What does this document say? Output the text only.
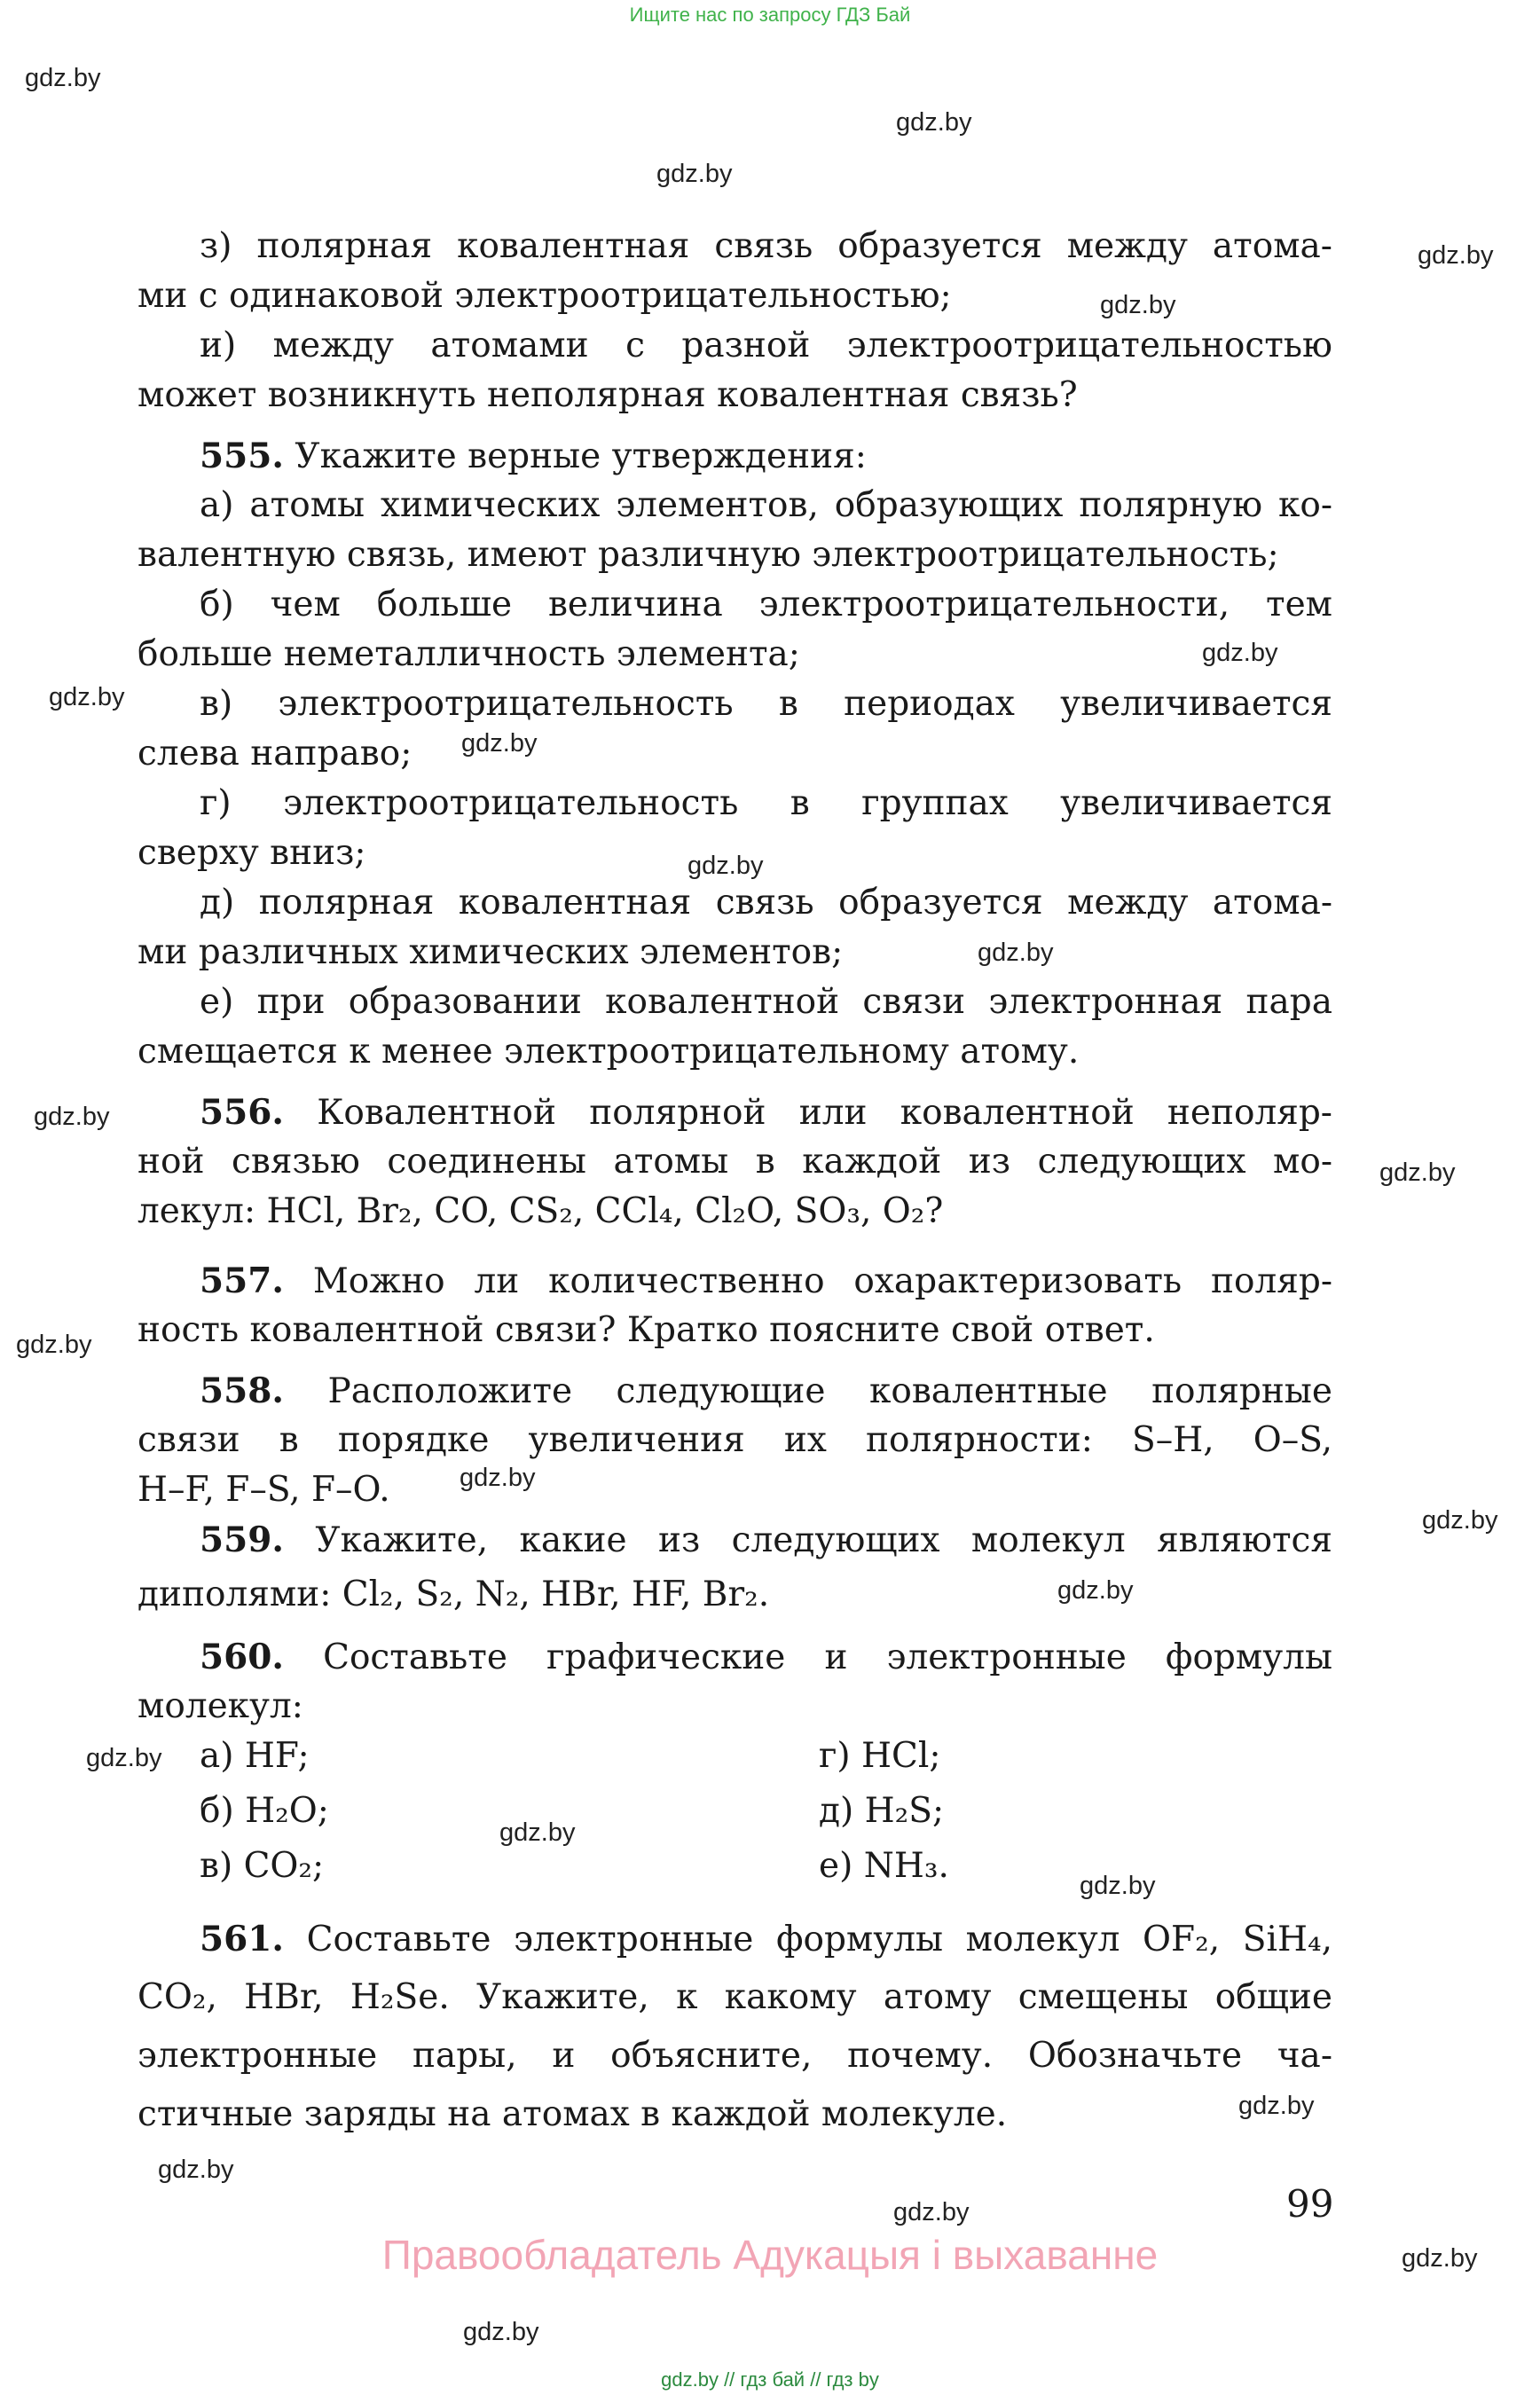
Ищите нас по запросу ГДЗ Бай
gdz.by
gdz.by
gdz.by
gdz.by
gdz.by
gdz.by
gdz.by
gdz.by
gdz.by
gdz.by
gdz.by
gdz.by
gdz.by
gdz.by
gdz.by
gdz.by
gdz.by
gdz.by
gdz.by
gdz.by
gdz.by
gdz.by
gdz.by
gdz.by
з) полярная ковалентная связь образуется между атома-
ми с одинаковой электроотрицательностью;
и) между атомами с разной электроотрицательностью
может возникнуть неполярная ковалентная связь?
555. Укажите верные утверждения:
а) атомы химических элементов, образующих полярную ко-
валентную связь, имеют различную электроотрицательность;
б) чем больше величина электроотрицательности, тем
больше неметалличность элемента;
в) электроотрицательность в периодах увеличивается
слева направо;
г) электроотрицательность в группах увеличивается
сверху вниз;
д) полярная ковалентная связь образуется между атома-
ми различных химических элементов;
е) при образовании ковалентной связи электронная пара
смещается к менее электроотрицательному атому.
556. Ковалентной полярной или ковалентной неполяр-
ной связью соединены атомы в каждой из следующих мо-
лекул: HCl, Br₂, CO, CS₂, CCl₄, Cl₂O, SO₃, O₂?
557. Можно ли количественно охарактеризовать поляр-
ность ковалентной связи? Кратко поясните свой ответ.
558. Расположите следующие ковалентные полярные
связи в порядке увеличения их полярности: S–H, O–S,
H–F, F–S, F–O.
559. Укажите, какие из следующих молекул являются
диполями: Cl₂, S₂, N₂, HBr, HF, Br₂.
560. Составьте графические и электронные формулы
молекул:
а) HF;	г) HCl;
б) H₂O;	д) H₂S;
в) CO₂;	е) NH₃.
561. Составьте электронные формулы молекул OF₂, SiH₄,
CO₂, HBr, H₂Se. Укажите, к какому атому смещены общие
электронные пары, и объясните, почему. Обозначьте ча-
стичные заряды на атомах в каждой молекуле.
99
Правообладатель Адукацыя і выхаванне
gdz.by // гдз бай // гдз by
